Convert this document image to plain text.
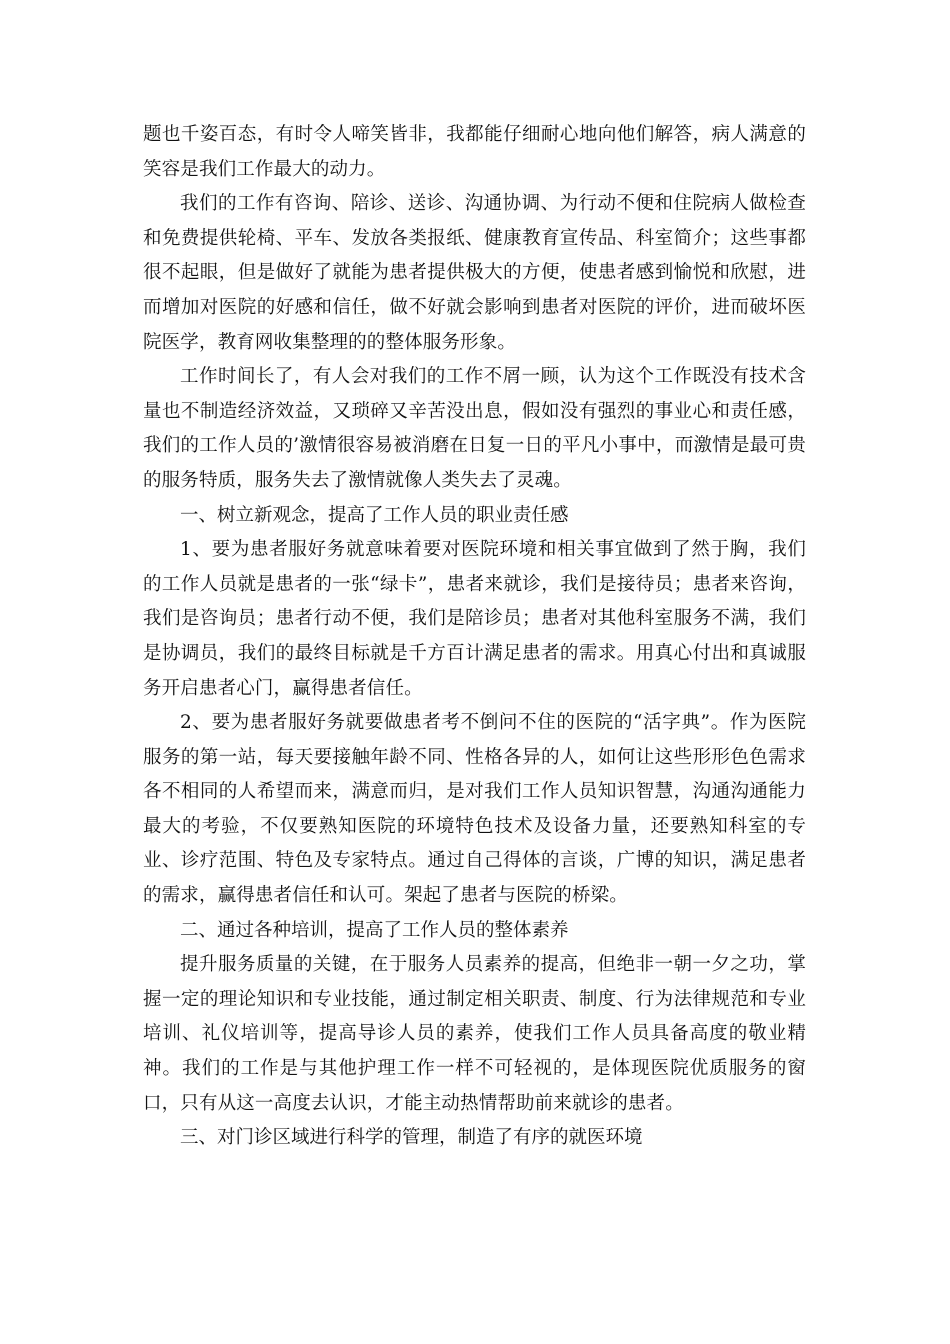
题也千姿百态，有时令人啼笑皆非，我都能仔细耐心地向他们解答，病人满意的笑容是我们工作最大的动力。

我们的工作有咨询、陪诊、送诊、沟通协调、为行动不便和住院病人做检查和免费提供轮椅、平车、发放各类报纸、健康教育宣传品、科室简介；这些事都很不起眼，但是做好了就能为患者提供极大的方便，使患者感到愉悦和欣慰，进而增加对医院的好感和信任，做不好就会影响到患者对医院的评价，进而破坏医院医学，教育网收集整理的的整体服务形象。

工作时间长了，有人会对我们的工作不屑一顾，认为这个工作既没有技术含量也不制造经济效益，又琐碎又辛苦没出息，假如没有强烈的事业心和责任感，我们的工作人员的’激情很容易被消磨在日复一日的平凡小事中，而激情是最可贵的服务特质，服务失去了激情就像人类失去了灵魂。

一、树立新观念，提高了工作人员的职业责任感

1、要为患者服好务就意味着要对医院环境和相关事宜做到了然于胸，我们的工作人员就是患者的一张“绿卡”，患者来就诊，我们是接待员；患者来咨询，我们是咨询员；患者行动不便，我们是陪诊员；患者对其他科室服务不满，我们是协调员，我们的最终目标就是千方百计满足患者的需求。用真心付出和真诚服务开启患者心门，赢得患者信任。

2、要为患者服好务就要做患者考不倒问不住的医院的“活字典”。作为医院服务的第一站，每天要接触年龄不同、性格各异的人，如何让这些形形色色需求各不相同的人希望而来，满意而归，是对我们工作人员知识智慧，沟通沟通能力最大的考验，不仅要熟知医院的环境特色技术及设备力量，还要熟知科室的专业、诊疗范围、特色及专家特点。通过自己得体的言谈，广博的知识，满足患者的需求，赢得患者信任和认可。架起了患者与医院的桥梁。

二、通过各种培训，提高了工作人员的整体素养

提升服务质量的关键，在于服务人员素养的提高，但绝非一朝一夕之功，掌握一定的理论知识和专业技能，通过制定相关职责、制度、行为法律规范和专业培训、礼仪培训等，提高导诊人员的素养，使我们工作人员具备高度的敬业精神。我们的工作是与其他护理工作一样不可轻视的，是体现医院优质服务的窗口，只有从这一高度去认识，才能主动热情帮助前来就诊的患者。

三、对门诊区域进行科学的管理，制造了有序的就医环境
